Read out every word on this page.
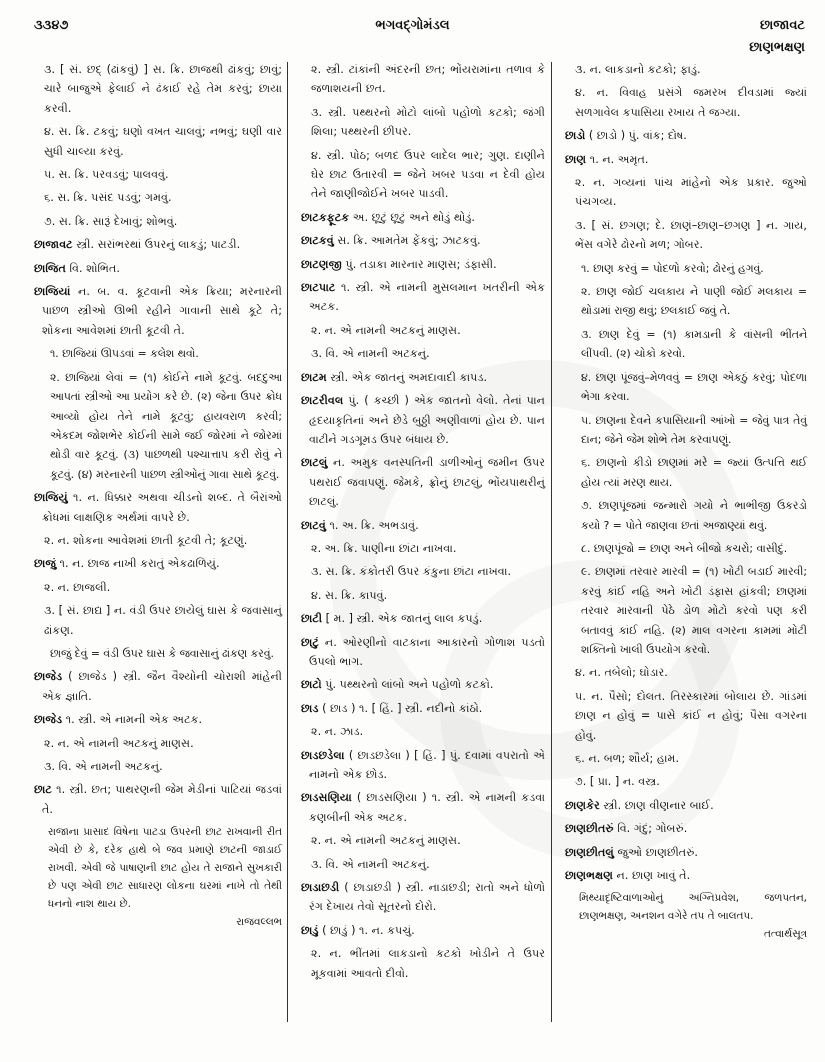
૩૩૪૭	ભગવદ્ગોમંડલ	છાજાવટ
છાણભક્ષણ

૩. [ સં. છદ્ (ઢાંકવું) ] સ. ક્રિ. છાજથી ઢાંકવું; છાવું; ચારે બાજુએ ફેલાઈ ને ઢંકાઈ રહે તેમ કરવું; છાયા કરવી.

૪. સ. ક્રિ. ટકવું; ઘણો વખત ચાલવું; નભવું; ઘણી વાર સુધી ચાલ્યા કરવું.

૫. સ. ક્રિ. પરવડવું; પાલવવું.

૬. સ. ક્રિ. પસંદ પડવું; ગમવું.

૭. સ. ક્રિ. સારૂં દેખાવું; શોભવું.

છાજાવટ સ્ત્રી. સરાંભરથાં ઉપરનું લાકડું; પાટડી.

છાજિત વિ. શોભિત.

છાજિયાં ન. બ. વ. કૂટવાની એક ક્રિયા; મરનારની પાછળ સ્ત્રીઓ ઊભી રહીને ગાવાની સાથે કૂટે તે; શોકના આવેશમાં છાતી કૂટવી તે.

૧. છાજિયાં ઊપડવાં = કલેશ થવો.

૨. છાજિયાં લેવાં = (૧) કોઈને નામે કૂટવું. બદદુઆ આપતાં સ્ત્રીઓ આ પ્રયોગ કરે છે. (૨) જેના ઉપર ક્રોધ આવ્યો હોય તેને નામે કૂટવું; હાયવરાળ કરવી; એકદમ જોશભેર કોઈની સામે જઈ જોરમાં ને જોરમાં થોડી વાર કૂટવું. (૩) પાછળથી પશ્ચાત્તાપ કરી રોવું ને કૂટવું. (૪) મરનારની પાછળ સ્ત્રીઓનું ગાવા સાથે કૂટવું.

છાજિયું ૧. ન. ધિક્કાર અથવા ચીડનો શબ્દ. તે બૈરાંઓ ક્રોધમાં લાક્ષણિક અર્થમાં વાપરે છે.

૨. ન. શોકના આવેશમાં છાતી કૂટવી તે; કૂટણું.

છાજું ૧. ન. છાજ નાખી કરાતું એકઢાળિયું.

૨. ન. છાજલી.

૩. [ સં. છાદ્ય ] ન. વંડી ઉપર છાયેલું ઘાસ કે જવાસાનું ઢાંકણ.

છાજું દેવું = વંડી ઉપર ઘાસ કે જવાસાનું ઢાંકણ કરવું.

છાજેડ ( છાજેડ ) સ્ત્રી. જૈન વૈશ્યોની ચોરાશી માંહેની એક જ્ઞાતિ.

છાજેડ ૧. સ્ત્રી. એ નામની એક અટક.

૨. ન. એ નામની અટકનું માણસ.

૩. વિ. એ નામની અટકનું.

છાટ ૧. સ્ત્રી. છત; પાથરણની જેમ મેડીનાં પાટિયાં જડવાં તે.

રાજાના પ્રાસાદ વિષેના પાટડા ઉપરની છાટ રાખવાની રીત એવી છે કે, દરેક હાથે બે જવ પ્રમાણે છાટની જાડાઈ રાખવી. એવી જે પાષાણની છાટ હોય તે રાજાને સુખકારી છે પણ એવી છાટ સાધારણ લોકના ઘરમાં નાખે તો તેથી ધનનો નાશ થાય છે.
રાજવલ્લભ

૨. સ્ત્રી. ટાંકાંની અંદરની છત; ભોંયરામાંના તળાવ કે જળાશયની છત.

૩. સ્ત્રી. પથ્થરનો મોટો લાંબો પહોળો કટકો; જંગી શિલા; પથ્થરની છીપર.

૪. સ્ત્રી. પોઠ; બળદ ઉપર લાદેલ ભાર; ગુણ. દાણીને ઘેર છાટ ઉતારવી = જેને ખબર પડવા ન દેવી હોય તેને જાણીજોઈને ખબર પાડવી.

છાટકફૂટક અ. છૂટું છૂટું અને થોડું થોડું.

છાટકવું સ. ક્રિ. આમતેમ ફેંકવું; ઝાટકવું.

છાટણજી પું. તડાકા મારનાર માણસ; ડંફાસી.

છાટપાટ ૧. સ્ત્રી. એ નામની મુસલમાન ખતરીની એક અટક.

૨. ન. એ નામની અટકનું માણસ.

૩. વિ. એ નામની અટકનું.

છાટમ સ્ત્રી. એક જાતનું અમદાવાદી કાપડ.

છાટરીવલ પું. ( કચ્છી ) એક જાતનો વેલો. તેનાં પાન હૃદયાકૃતિનાં અને છેડે બુઠ્ઠી અણીવાળાં હોય છે. પાન વાટીને ગડગૂમડ ઉપર બંધાય છે.

છાટલું ન. અમુક વનસ્પતિની ડાળીઓનું જમીન ઉપર પથરાઈ જવાપણું. જેમકે, ફ્રોનું છાટલું, ભોંયપાથરીનું છાટલું.

છાટવું ૧. અ. ક્રિ. અભડાવું.

૨. અ. ક્રિ. પાણીના છાંટા નાખવા.

૩. સ. ક્રિ. કંકોતરી ઉપર કંકુના છાંટા નાખવા.

૪. સ. ક્રિ. કાપવું.

છાટી [ મ. ] સ્ત્રી. એક જાતનું લાલ કપડું.

છાટું ન. ઓરણીનો વાટકાના આકારનો ગોળાશ પડતો ઉપલો ભાગ.

છાટો પું. પથ્થરનો લાંબો અને પહોળો કટકો.

છાડ ( છાડ ) ૧. [ હિં. ] સ્ત્રી. નદીનો કાંઠો.

૨. ન. ઝાડ.

છાડછડેલા ( છાડછડેલા ) [ હિં. ] પું. દવામાં વપરાતો એ નામનો એક છોડ.

છાડસણિયા ( છાડસણિયા ) ૧. સ્ત્રી. એ નામની કડવા કણબીની એક અટક.

૨. ન. એ નામની અટકનું માણસ.

૩. વિ. એ નામની અટકનું.

છાડાછડી ( છાડાછડી ) સ્ત્રી. નાડાછડી; રાતો અને ધોળો રંગ દેખાય તેવો સૂતરનો દોરો.

છાડું ( છાડું ) ૧. ન. કપચું.

૨. ન. ભીંતમાં લાકડાનો કટકો ખોડીને તે ઉપર મૂકવામાં આવતો દીવો.

૩. ન. લાકડાનો કટકો; ફાડું.

૪. ન. વિવાહ પ્રસંગે જમરખ દીવડામાં જ્યાં સળગાવેલ કપાસિયા રખાય તે જગ્યા.

છાડો ( છાડો ) પું. વાંક; દોષ.

છાણ ૧. ન. અમૃત.

૨. ન. ગવ્યનાં પાંચ માંહેનો એક પ્રકાર. જુઓ પંચગવ્ય.

૩. [ સં. છગણ; દે. છાણં–છાણ–છગણ ] ન. ગાય, ભેંસ વગેરે ઢોરનો મળ; ગોબર.

૧. છાણ કરવું = પોદળો કરવો; ઢોરનું હગવું.

૨. છાણ જોઈ ચલકાય ને પાણી જોઈ મલકાય = થોડામાં રાજી થવું; છલકાઈ જવું તે.

૩. છાણ દેવું = (૧) કામડાની કે વાંસની ભીંતને લીંપવી. (૨) ચોકો કરવો.

૪. છાણ પૂંજવું–મેળવવું = છાણ એકઠું કરવું; પોદળા ભેગા કરવા.

૫. છાણના દેવને કપાસિયાની આંખો = જેવું પાત્ર તેવું દાન; જેને જેમ શોભે તેમ કરવાપણું.

૬. છાણનો કીડો છાણમાં મરે = જ્યાં ઉત્પત્તિ થઈ હોય ત્યાં મરણ થાય.

૭. છાણપૂંજમાં જન્મારો ગયો ને ભાભીજી ઉકરડો કયો ? = પોતે જાણવા છતાં અજાણ્યાં થવું.

૮. છાણપૂંજો = છાણ અને બીજો કચરો; વાસીદું.

૯. છાણમાં તરવાર મારવી = (૧) ખોટી બડાઈ મારવી; કરવું કાંઈ નહિ અને ખોટી ડંફાસ હાંકવી; છાણમાં તરવાર મારવાની પેઠે ડોળ મોટો કરવો પણ કરી બતાવવું કાંઈ નહિ. (૨) માલ વગરના કામમાં મોટી શક્તિનો ખાલી ઉપયોગ કરવો.

૪. ન. તબેલો; ઘોડાર.

૫. ન. પૈસો; દોલત. તિરસ્કારમાં બોલાય છે. ગાંડમાં છાણ ન હોવું = પાસે કાંઈ ન હોવું; પૈસા વગરના હોવું.

૬. ન. બળ; શૌર્ય; હામ.

૭. [ પ્રા. ] ન. વસ્ત્ર.

છાણકેર સ્ત્રી. છાણ વીણનાર બાઈ.

છાણછીતરું વિ. ગંદું; ગોબરું.

છાણછીતલું જુઓ છાણછીતરું.

છાણભક્ષણ ન. છાણ ખાવું તે.

મિથ્યાદૃષ્ટિવાળાઓનું અગ્નિપ્રવેશ, જળપતન, છાણભક્ષણ, અનશન વગેરે તપ તે બાલતપ.
તત્વાર્થસૂત્ર
